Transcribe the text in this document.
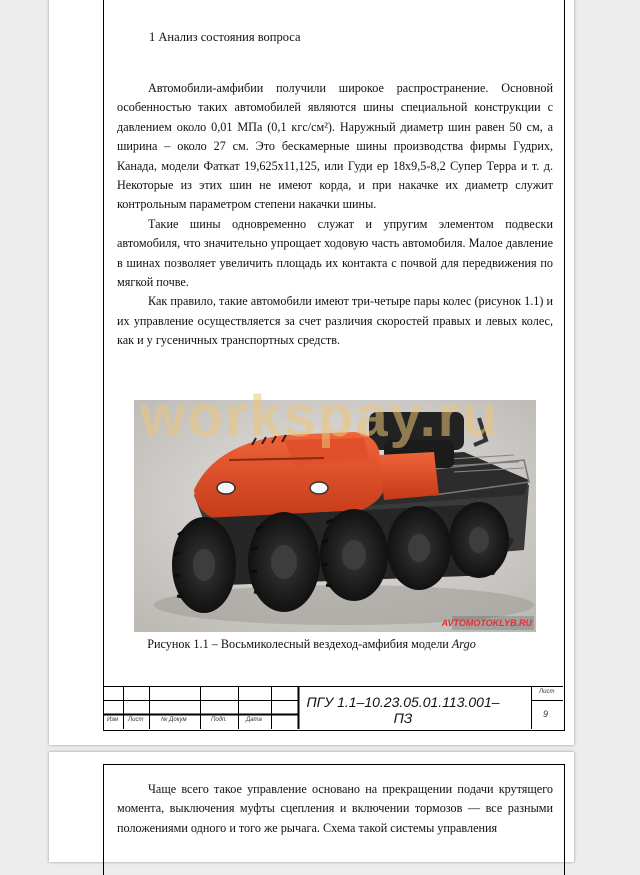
1 Анализ состояния вопроса

Автомобили-амфибии получили широкое распространение. Основной особенностью таких автомобилей являются шины специальной конструкции с давлением около 0,01 МПа (0,1 кгс/см²). Наружный диаметр шин равен 50 см, а ширина – около 27 см. Это бескамерные шины производства фирмы Гудрих, Канада, модели Фаткат 19,625x11,125, или Гуди ер 18x9,5-8,2 Супер Терра и т. д. Некоторые из этих шин не имеют корда, и при накачке их диаметр служит контрольным параметром степени накачки шины.

Такие шины одновременно служат и упругим элементом подвески автомобиля, что значительно упрощает ходовую часть автомобиля. Малое давление в шинах позволяет увеличить площадь их контакта с почвой для передвижения по мягкой почве.

Как правило, такие автомобили имеют три-четыре пары колес (рисунок 1.1) и их управление осуществляется за счет различия скоростей правых и левых колес, как и у гусеничных транспортных средств.

AVTOMOTOKLYB.RU
Рисунок 1.1 – Восьмиколесный вездеход-амфибия модели Argo
Изм Лист	№ Докум	Подп.	Дата
ПГУ 1.1–10.23.05.01.113.001–ПЗ
Лист
9

Чаще всего такое управление основано на прекращении подачи крутящего момента, выключения муфты сцепления и включении тормозов — все разными положениями одного и того же рычага. Схема такой системы управления

workspay.ru
